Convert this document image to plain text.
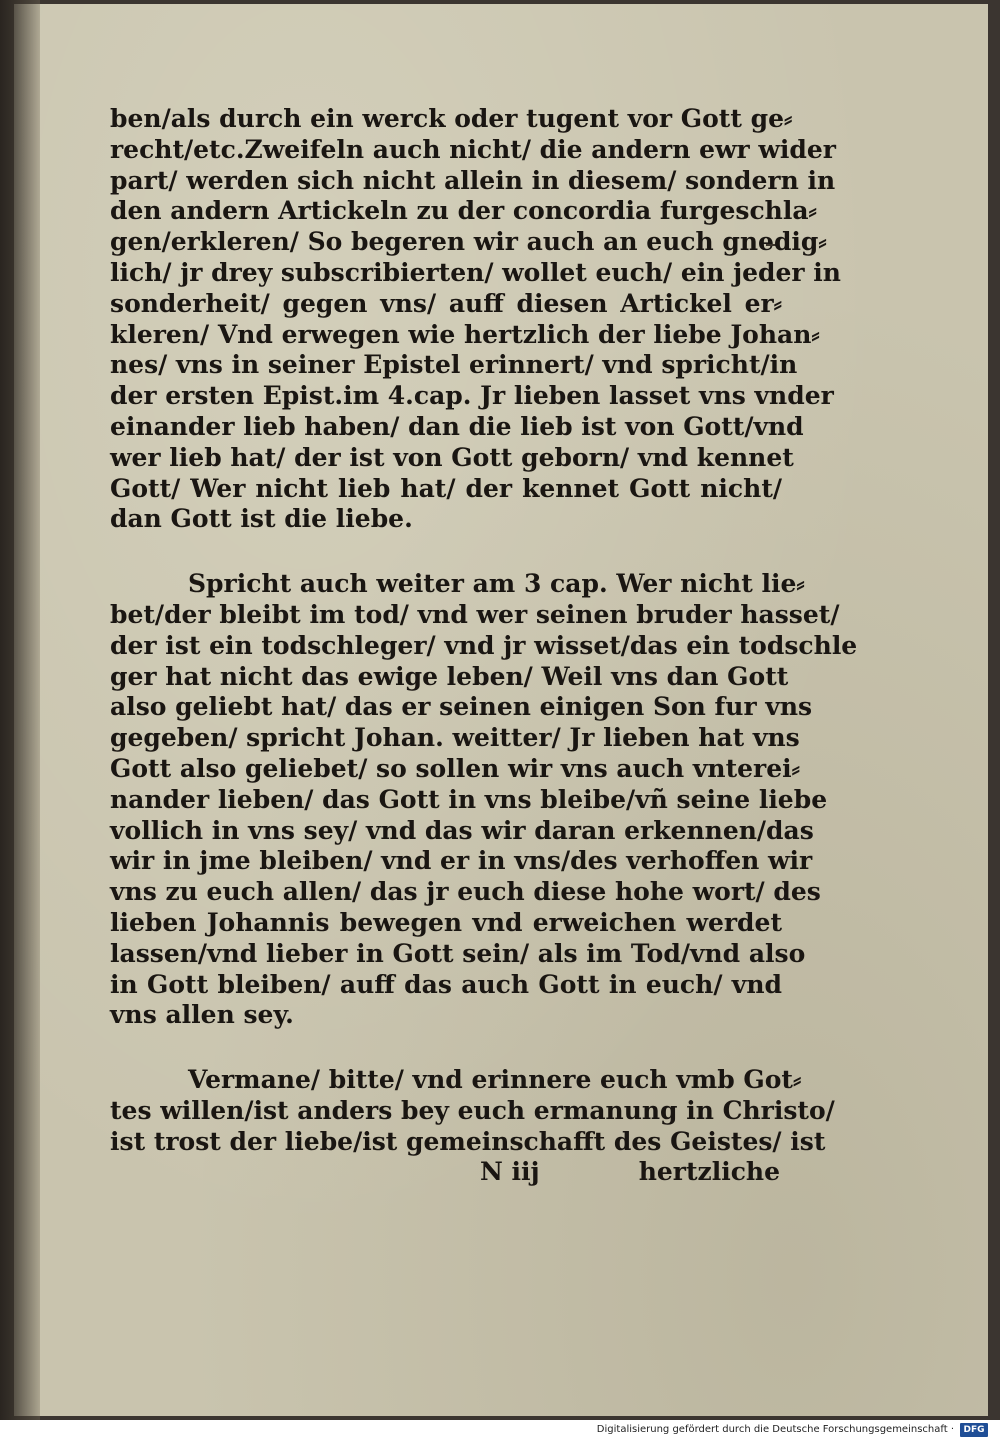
ben/als durch ein werck oder tugent vor Gott ge⸗
recht/etc.Zweifeln auch nicht/ die andern ewr wider
part/ werden sich nicht allein in diesem/ sondern in
den andern Artickeln zu der concordia furgeschla⸗
gen/erkleren/ So begeren wir auch an euch gnedig⸗
lich/ jr drey subscribierten/ wollet euch/ ein jeder in
sonderheit/ gegen vns/ auff diesen Artickel er⸗
kleren/ Vnd erwegen wie hertzlich der liebe Johan⸗
nes/ vns in seiner Epistel erinnert/ vnd spricht/in
der ersten Epist.im 4.cap. Jr lieben lasset vns vnder
einander lieb haben/ dan die lieb ist von Gott/vnd
wer lieb hat/ der ist von Gott geborn/ vnd kennet
Gott/ Wer nicht lieb hat/ der kennet Gott nicht/
dan Gott ist die liebe.
Spricht auch weiter am 3 cap. Wer nicht lie⸗
bet/der bleibt im tod/ vnd wer seinen bruder hasset/
der ist ein todschleger/ vnd jr wisset/das ein todschle
ger hat nicht das ewige leben/ Weil vns dan Gott
also geliebt hat/ das er seinen einigen Son fur vns
gegeben/ spricht Johan. weitter/ Jr lieben hat vns
Gott also geliebet/ so sollen wir vns auch vnterei⸗
nander lieben/ das Gott in vns bleibe/vñ seine liebe
vollich in vns sey/ vnd das wir daran erkennen/das
wir in jme bleiben/ vnd er in vns/des verhoffen wir
vns zu euch allen/ das jr euch diese hohe wort/ des
lieben Johannis bewegen vnd erweichen werdet
lassen/vnd lieber in Gott sein/ als im Tod/vnd also
in Gott bleiben/ auff das auch Gott in euch/ vnd
vns allen sey.
Vermane/ bitte/ vnd erinnere euch vmb Got⸗
tes willen/ist anders bey euch ermanung in Christo/
ist trost der liebe/ist gemeinschafft des Geistes/ ist
N iij	hertzliche
Digitalisierung gefördert durch die Deutsche Forschungsgemeinschaft ·	DFG
